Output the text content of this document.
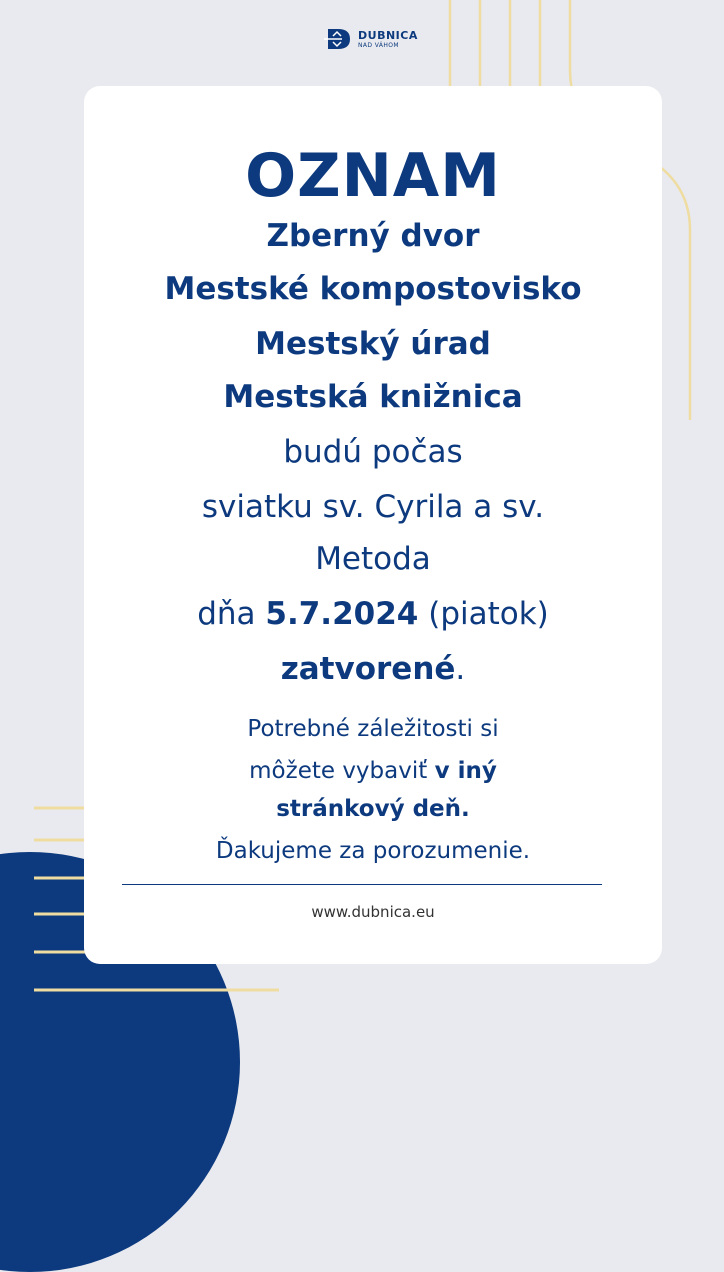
DUBNICA
NAD VÁHOM
OZNAM
Zberný dvor
Mestské kompostovisko
Mestský úrad
Mestská knižnica
budú počas
sviatku sv. Cyrila a sv.
Metoda
dňa 5.7.2024 (piatok)
zatvorené.
Potrebné záležitosti si
môžete vybaviť v iný
stránkový deň.
Ďakujeme za porozumenie.
www.dubnica.eu
